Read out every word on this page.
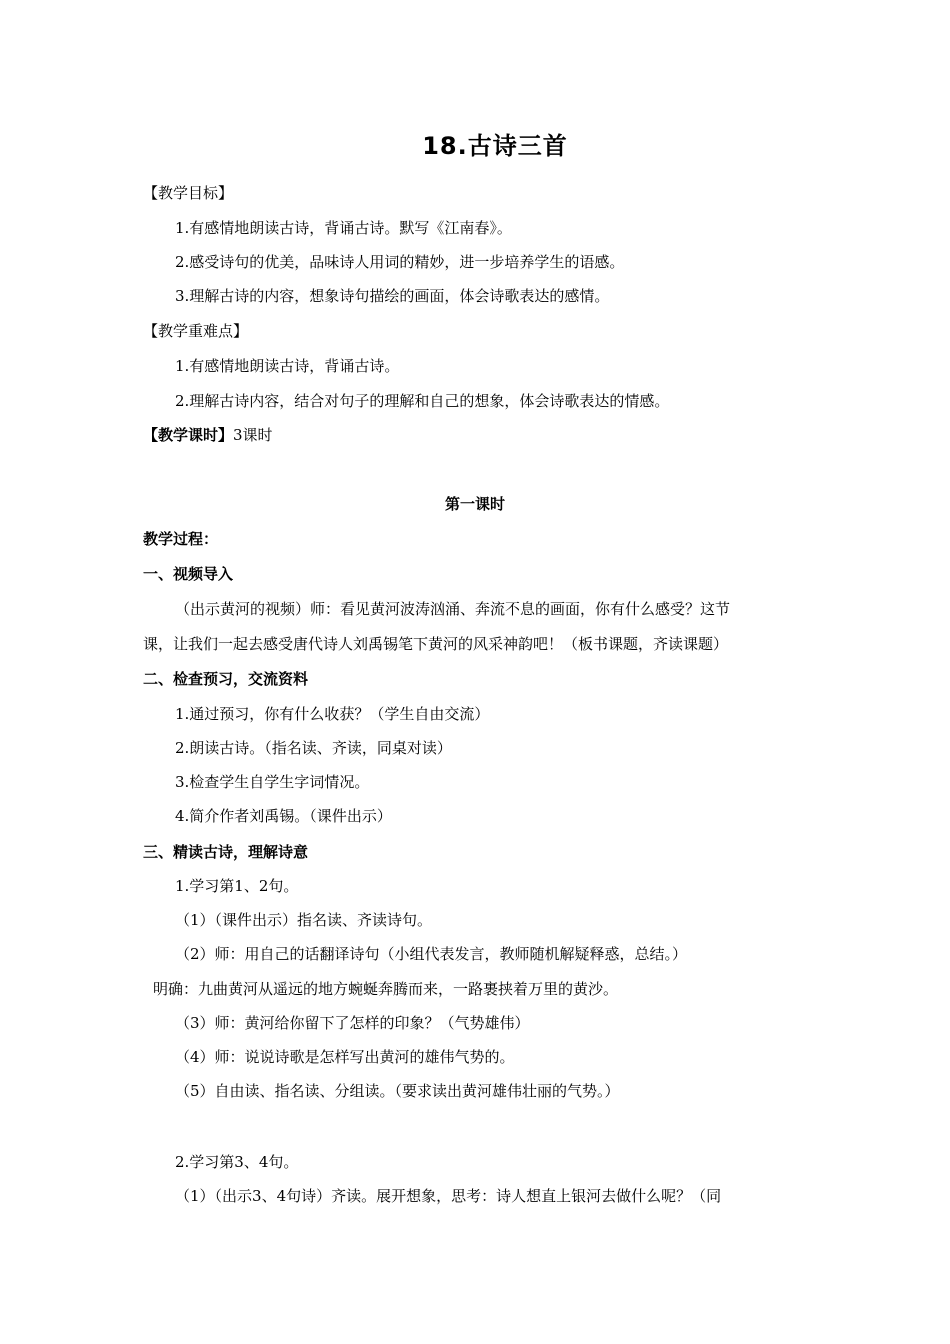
18.古诗三首
【教学目标】
1.有感情地朗读古诗，背诵古诗。默写《江南春》。
2.感受诗句的优美，品味诗人用词的精妙，进一步培养学生的语感。
3.理解古诗的内容，想象诗句描绘的画面，体会诗歌表达的感情。
【教学重难点】
1.有感情地朗读古诗，背诵古诗。
2.理解古诗内容，结合对句子的理解和自己的想象，体会诗歌表达的情感。
【教学课时】3课时
第一课时
教学过程：
一、视频导入
（出示黄河的视频）师：看见黄河波涛汹涌、奔流不息的画面，你有什么感受？这节
课，让我们一起去感受唐代诗人刘禹锡笔下黄河的风采神韵吧！（板书课题，齐读课题）
二、检查预习，交流资料
1.通过预习，你有什么收获？（学生自由交流）
2.朗读古诗。（指名读、齐读，同桌对读）
3.检查学生自学生字词情况。
4.简介作者刘禹锡。（课件出示）
三、精读古诗，理解诗意
1.学习第1、2句。
（1）（课件出示）指名读、齐读诗句。
（2）师：用自己的话翻译诗句（小组代表发言，教师随机解疑释惑，总结。）
明确：九曲黄河从遥远的地方蜿蜒奔腾而来，一路裹挟着万里的黄沙。
（3）师：黄河给你留下了怎样的印象？（气势雄伟）
（4）师：说说诗歌是怎样写出黄河的雄伟气势的。
（5）自由读、指名读、分组读。（要求读出黄河雄伟壮丽的气势。）
2.学习第3、4句。
（1）（出示3、4句诗）齐读。展开想象，思考：诗人想直上银河去做什么呢？（同
